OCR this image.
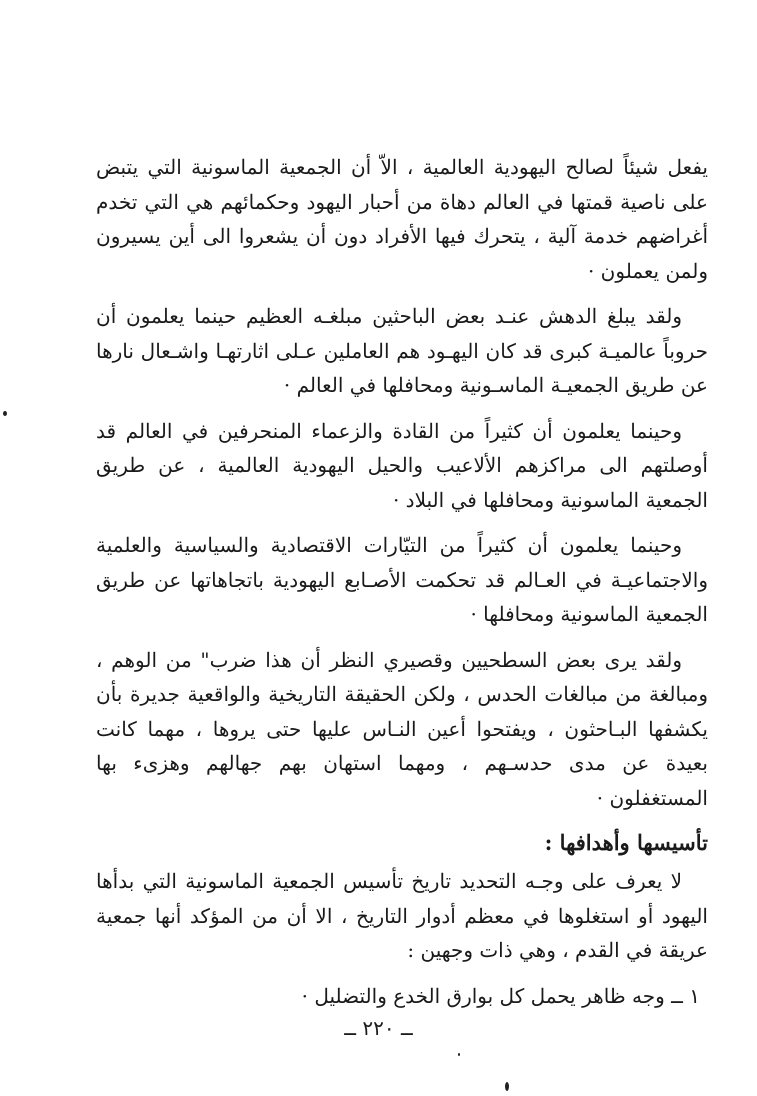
يفعل شيئاً لصالح اليهودية العالمية ، الاّ أن الجمعية الماسونية التي يتبض على ناصية قمتها في العالم دهاة من أحبار اليهود وحكمائهم هي التي تخدم أغراضهم خدمة آلية ، يتحرك فيها الأفراد دون أن يشعروا الى أين يسيرون ولمن يعملون ·

ولقد يبلغ الدهش عنـد بعض الباحثين مبلغـه العظيم حينما يعلمون أن حروباً عالميـة كبرى قد كان اليهـود هم العاملين عـلى اثارتهـا واشـعال نارها عن طريق الجمعيـة الماسـونية ومحافلها في العالم ·

وحينما يعلمون أن كثيراً من القادة والزعماء المنحرفين في العالم قد أوصلتهم الى مراكزهم الألاعيب والحيل اليهودية العالمية ، عن طريق الجمعية الماسونية ومحافلها في البلاد ·

وحينما يعلمون أن كثيراً من التيّارات الاقتصادية والسياسية والعلمية والاجتماعيـة في العـالم قد تحكمت الأصـابع اليهودية باتجاهاتها عن طريق الجمعية الماسونية ومحافلها ·

ولقد يرى بعض السطحيين وقصيري النظر أن هذا ضرب" من الوهم ، ومبالغة من مبالغات الحدس ، ولكن الحقيقة التاريخية والواقعية جديرة بأن يكشفها البـاحثون ، ويفتحوا أعين النـاس عليها حتى يروها ، مهما كانت بعيدة عن مدى حدسـهم ، ومهما استهان بهم جهالهم وهزىء بها المستغفلون ·

تأسيسها وأهدافها :

لا يعرف على وجـه التحديد تاريخ تأسيس الجمعية الماسونية التي بدأها اليهود أو استغلوها في معظم أدوار التاريخ ، الا أن من المؤكد أنها جمعية عريقة في القدم ، وهي ذات وجهين :

١ ــ وجه ظاهر يحمل كل بوارق الخدع والتضليل ·
ــ ٢٢٠ ــ
